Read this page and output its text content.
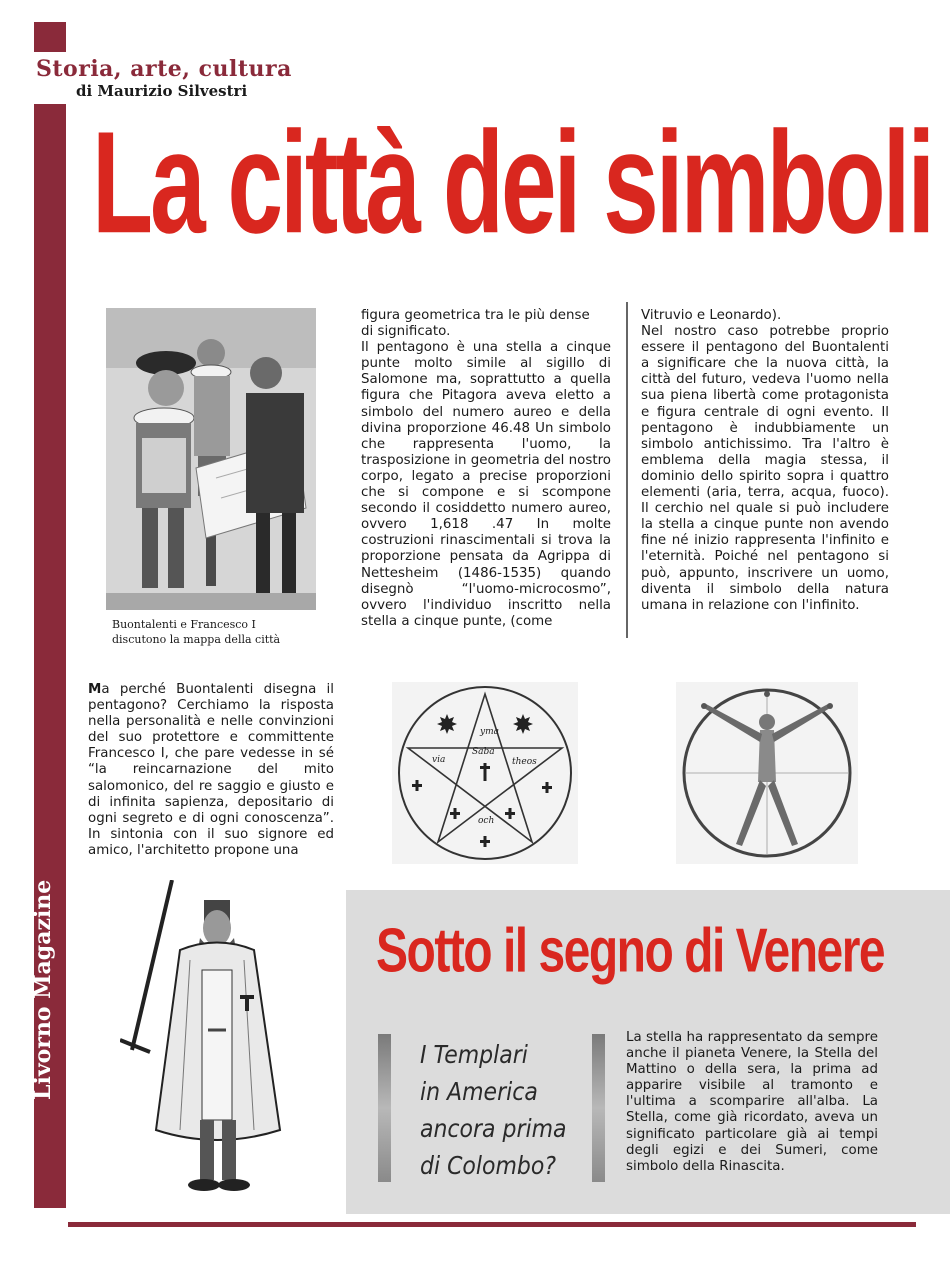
Livorno Magazine
Storia, arte, cultura
di Maurizio Silvestri
La città dei simboli
Buontalenti e Francesco I
discutono la mappa della città
figura geometrica tra le più dense
di significato.
Il pentagono è una stella a cinque punte molto simile al sigillo di Salomone ma, soprattutto a quella figura che Pitagora aveva eletto a simbolo del numero aureo e della divina proporzione 46.48 Un simbolo che rappresenta l'uomo, la trasposizione in geometria del nostro corpo, legato a precise proporzioni che si compone e si scompone secondo il cosiddetto numero aureo, ovvero 1,618 .47 In molte costruzioni rinascimentali si trova la proporzione pensata da Agrippa di Nettesheim (1486-1535) quando disegnò “l'uomo-microcosmo”, ovvero l'individuo inscritto nella stella a cinque punte, (come
Vitruvio e Leonardo).
Nel nostro caso potrebbe proprio essere il pentagono del Buontalenti a significare che la nuova città, la città del futuro, vedeva l'uomo nella sua piena libertà come protagonista e figura centrale di ogni evento. Il pentagono è indubbiamente un simbolo antichissimo. Tra l'altro è emblema della magia stessa, il dominio dello spirito sopra i quattro elementi (aria, terra, acqua, fuoco). Il cerchio nel quale si può includere la stella a cinque punte non avendo fine né inizio rappresenta l'infinito e l'eternità. Poiché nel pentagono si può, appunto, inscrivere un uomo, diventa il simbolo della natura umana in relazione con l'infinito.
Ma perché Buontalenti disegna il pentagono? Cerchiamo la risposta nella personalità e nelle convinzioni del suo protettore e committente Francesco I, che pare vedesse in sé “la reincarnazione del mito salomonico, del re saggio e giusto e di infinita sapienza, depositario di ogni segreto e di ogni conoscenza”. In sintonia con il suo signore ed amico, l'architetto propone una
yma
Saba
theos
och
via
Sotto il segno di Venere
I Templari
in America
ancora prima
di Colombo?
La stella ha rappresentato da sempre anche il pianeta Venere, la Stella del Mattino o della sera, la prima ad apparire visibile al tramonto e l'ultima a scomparire all'alba. La Stella, come già ricordato, aveva un significato particolare già ai tempi degli egizi e dei Sumeri, come simbolo della Rinascita.
